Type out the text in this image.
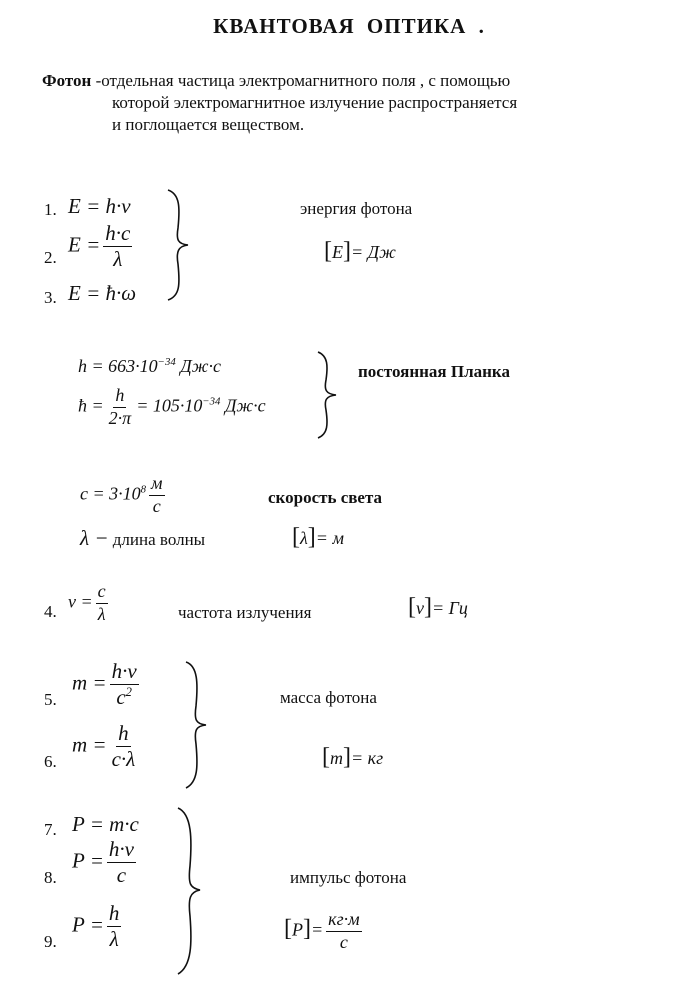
КВАНТОВАЯ ОПТИКА .
Фотон -отдельная частица электромагнитного поля , с помощью
которой электромагнитное излучение распространяется
и поглощается веществом.
1. E = h·ν
2.
$E = \frac{h\cdot c}{\lambda}$
3. E = ħ·ω
энергия фотона
[E]= Дж
$h = 663\cdot 10^{-34}$ Дж·с
ħ = $\frac{h}{2\cdot\pi} = 105\cdot 10^{-34}$ Дж·с
постоянная Планка
$c = 3\cdot 10^8 \frac{м}{с}$	скорость света
λ − длина волны	[λ]= м
4.
$\nu = \frac{c}{\lambda}$	частота излучения	[ν]= Гц
5.
$m = \frac{h\cdot\nu}{c^2}$
6.
$m = \frac{h}{c\cdot\lambda}$
масса фотона
[m]= кг
7. P = m·c
8.
$P = \frac{h\cdot\nu}{c}$
9.
$P = \frac{h}{\lambda}$
импульс фотона
$[P]= \frac{кг\cdot м}{с}$
